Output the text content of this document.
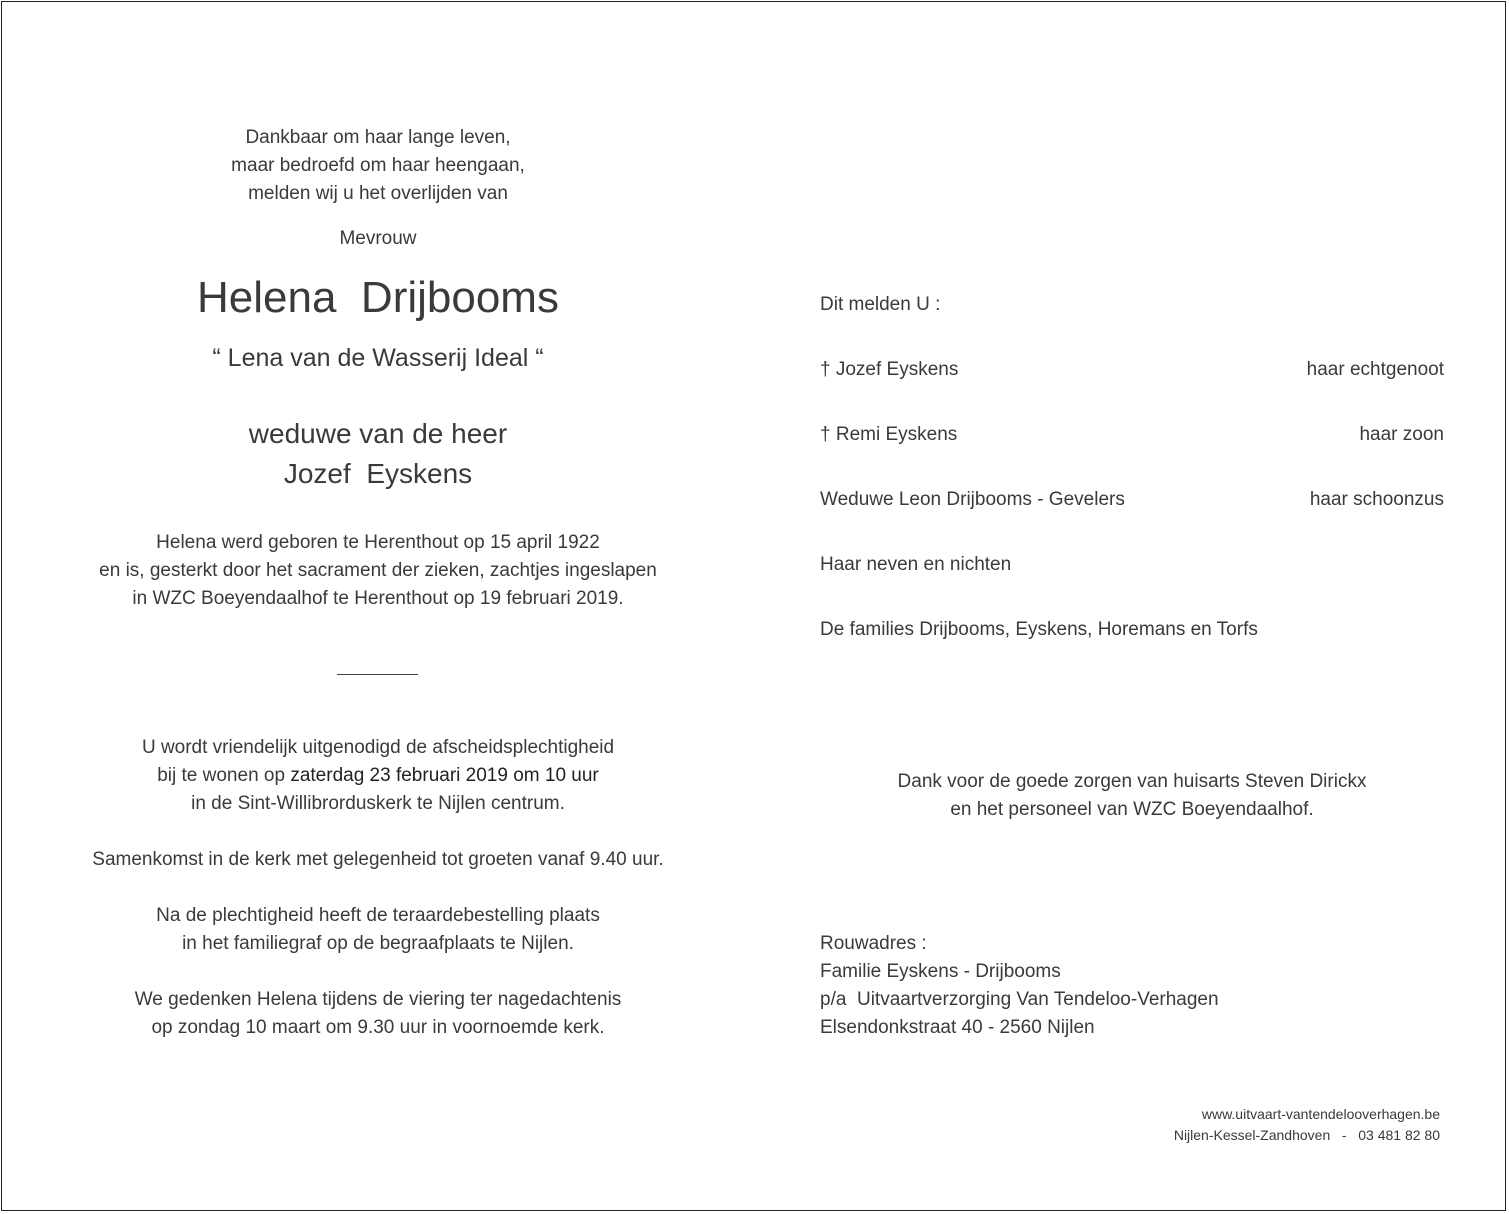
Dankbaar om haar lange leven,
maar bedroefd om haar heengaan,
melden wij u het overlijden van
Mevrouw
Helena  Drijbooms
“ Lena van de Wasserij Ideal “
weduwe van de heer
Jozef  Eyskens
Helena werd geboren te Herenthout op 15 april 1922
en is, gesterkt door het sacrament der zieken, zachtjes ingeslapen
in WZC Boeyendaalhof te Herenthout op 19 februari 2019.
U wordt vriendelijk uitgenodigd de afscheidsplechtigheid
bij te wonen op zaterdag 23 februari 2019 om 10 uur
in de Sint-Willibrorduskerk te Nijlen centrum.
Samenkomst in de kerk met gelegenheid tot groeten vanaf 9.40 uur.
Na de plechtigheid heeft de teraardebestelling plaats
in het familiegraf op de begraafplaats te Nijlen.
We gedenken Helena tijdens de viering ter nagedachtenis
op zondag 10 maart om 9.30 uur in voornoemde kerk.
Dit melden U :
† Jozef Eyskens	haar echtgenoot
† Remi Eyskens	haar zoon
Weduwe Leon Drijbooms - Gevelers	haar schoonzus
Haar neven en nichten
De families Drijbooms, Eyskens, Horemans en Torfs
Dank voor de goede zorgen van huisarts Steven Dirickx
en het personeel van WZC Boeyendaalhof.
Rouwadres :
Familie Eyskens - Drijbooms
p/a  Uitvaartverzorging Van Tendeloo-Verhagen
Elsendonkstraat 40 - 2560 Nijlen
www.uitvaart-vantendelooverhagen.be
Nijlen-Kessel-Zandhoven   -   03 481 82 80
